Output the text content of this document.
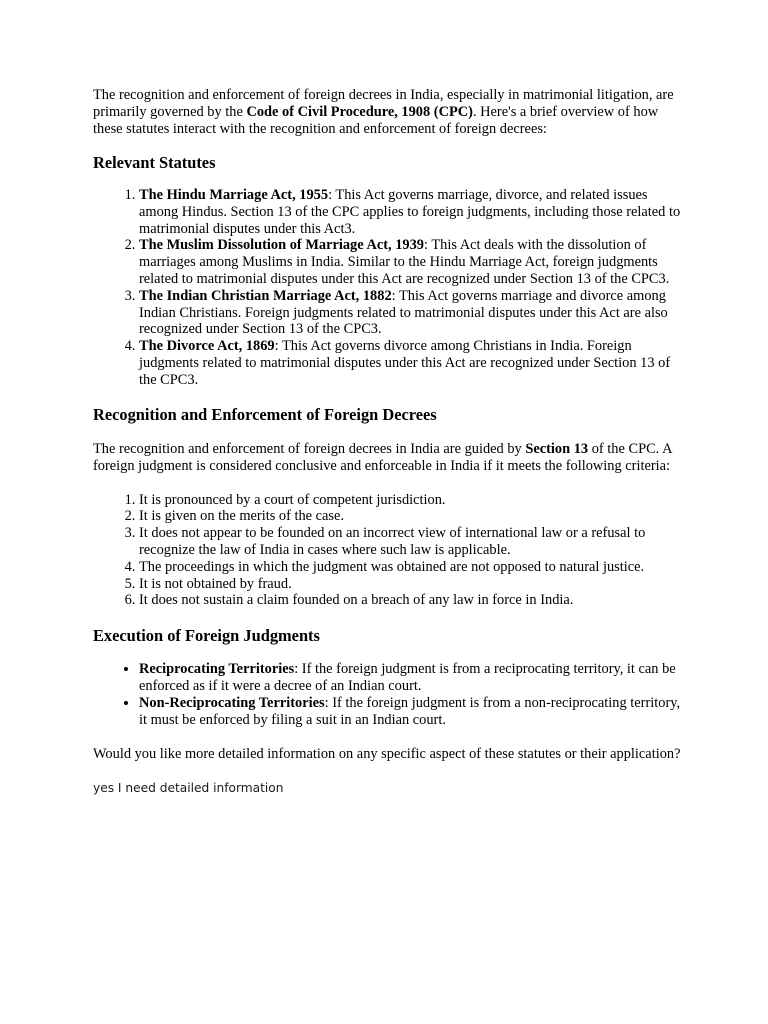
The recognition and enforcement of foreign decrees in India, especially in matrimonial litigation, are primarily governed by the Code of Civil Procedure, 1908 (CPC). Here's a brief overview of how these statutes interact with the recognition and enforcement of foreign decrees:

Relevant Statutes
1. The Hindu Marriage Act, 1955: This Act governs marriage, divorce, and related issues among Hindus. Section 13 of the CPC applies to foreign judgments, including those related to matrimonial disputes under this Act3.
2. The Muslim Dissolution of Marriage Act, 1939: This Act deals with the dissolution of marriages among Muslims in India. Similar to the Hindu Marriage Act, foreign judgments related to matrimonial disputes under this Act are recognized under Section 13 of the CPC3.
3. The Indian Christian Marriage Act, 1882: This Act governs marriage and divorce among Indian Christians. Foreign judgments related to matrimonial disputes under this Act are also recognized under Section 13 of the CPC3.
4. The Divorce Act, 1869: This Act governs divorce among Christians in India. Foreign judgments related to matrimonial disputes under this Act are recognized under Section 13 of the CPC3.
Recognition and Enforcement of Foreign Decrees

The recognition and enforcement of foreign decrees in India are guided by Section 13 of the CPC. A foreign judgment is considered conclusive and enforceable in India if it meets the following criteria:

1. It is pronounced by a court of competent jurisdiction.
2. It is given on the merits of the case.
3. It does not appear to be founded on an incorrect view of international law or a refusal to recognize the law of India in cases where such law is applicable.
4. The proceedings in which the judgment was obtained are not opposed to natural justice.
5. It is not obtained by fraud.
6. It does not sustain a claim founded on a breach of any law in force in India.
Execution of Foreign Judgments
• Reciprocating Territories: If the foreign judgment is from a reciprocating territory, it can be enforced as if it were a decree of an Indian court.
• Non-Reciprocating Territories: If the foreign judgment is from a non-reciprocating territory, it must be enforced by filing a suit in an Indian court.

Would you like more detailed information on any specific aspect of these statutes or their application?

yes I need detailed information
